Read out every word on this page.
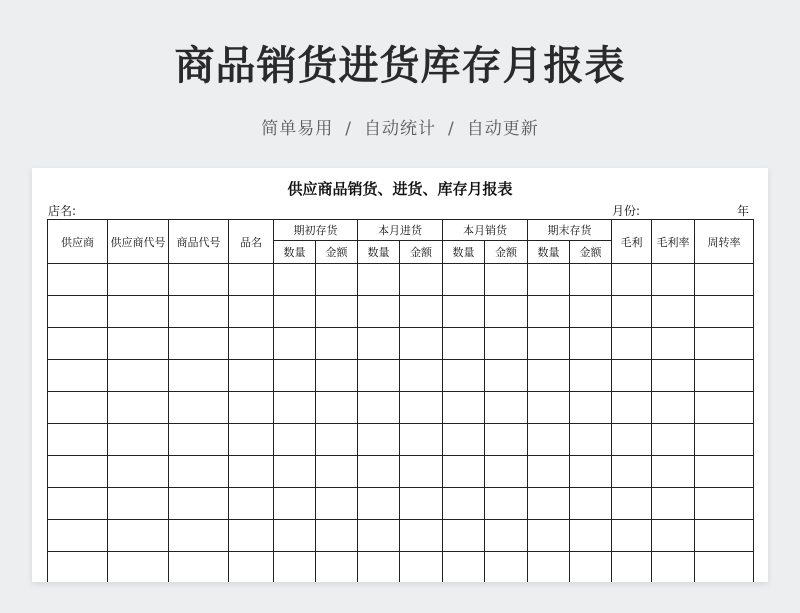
商品销货进货库存月报表
简单易用 / 自动统计 / 自动更新
供应商品销货、进货、库存月报表
店名:	月份:	年
供应商	供应商代号	商品代号	品名	期初存货		本月进货		本月销货		期末存货		毛利	毛利率	周转率
				数量	金额	数量	金额	数量	金额	数量	金额			
